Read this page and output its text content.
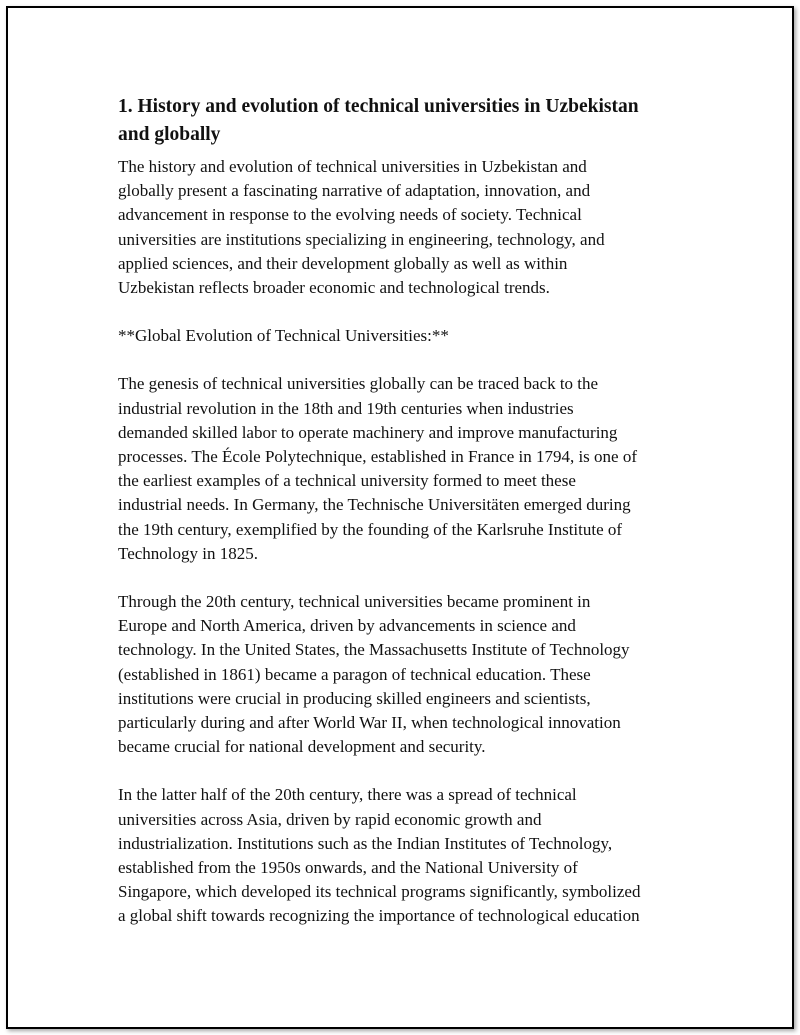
1. History and evolution of technical universities in Uzbekistan
and globally

The history and evolution of technical universities in Uzbekistan and
globally present a fascinating narrative of adaptation, innovation, and
advancement in response to the evolving needs of society. Technical
universities are institutions specializing in engineering, technology, and
applied sciences, and their development globally as well as within
Uzbekistan reflects broader economic and technological trends.

**Global Evolution of Technical Universities:**

The genesis of technical universities globally can be traced back to the
industrial revolution in the 18th and 19th centuries when industries
demanded skilled labor to operate machinery and improve manufacturing
processes. The École Polytechnique, established in France in 1794, is one of
the earliest examples of a technical university formed to meet these
industrial needs. In Germany, the Technische Universitäten emerged during
the 19th century, exemplified by the founding of the Karlsruhe Institute of
Technology in 1825.

Through the 20th century, technical universities became prominent in
Europe and North America, driven by advancements in science and
technology. In the United States, the Massachusetts Institute of Technology
(established in 1861) became a paragon of technical education. These
institutions were crucial in producing skilled engineers and scientists,
particularly during and after World War II, when technological innovation
became crucial for national development and security.

In the latter half of the 20th century, there was a spread of technical
universities across Asia, driven by rapid economic growth and
industrialization. Institutions such as the Indian Institutes of Technology,
established from the 1950s onwards, and the National University of
Singapore, which developed its technical programs significantly, symbolized
a global shift towards recognizing the importance of technological education
